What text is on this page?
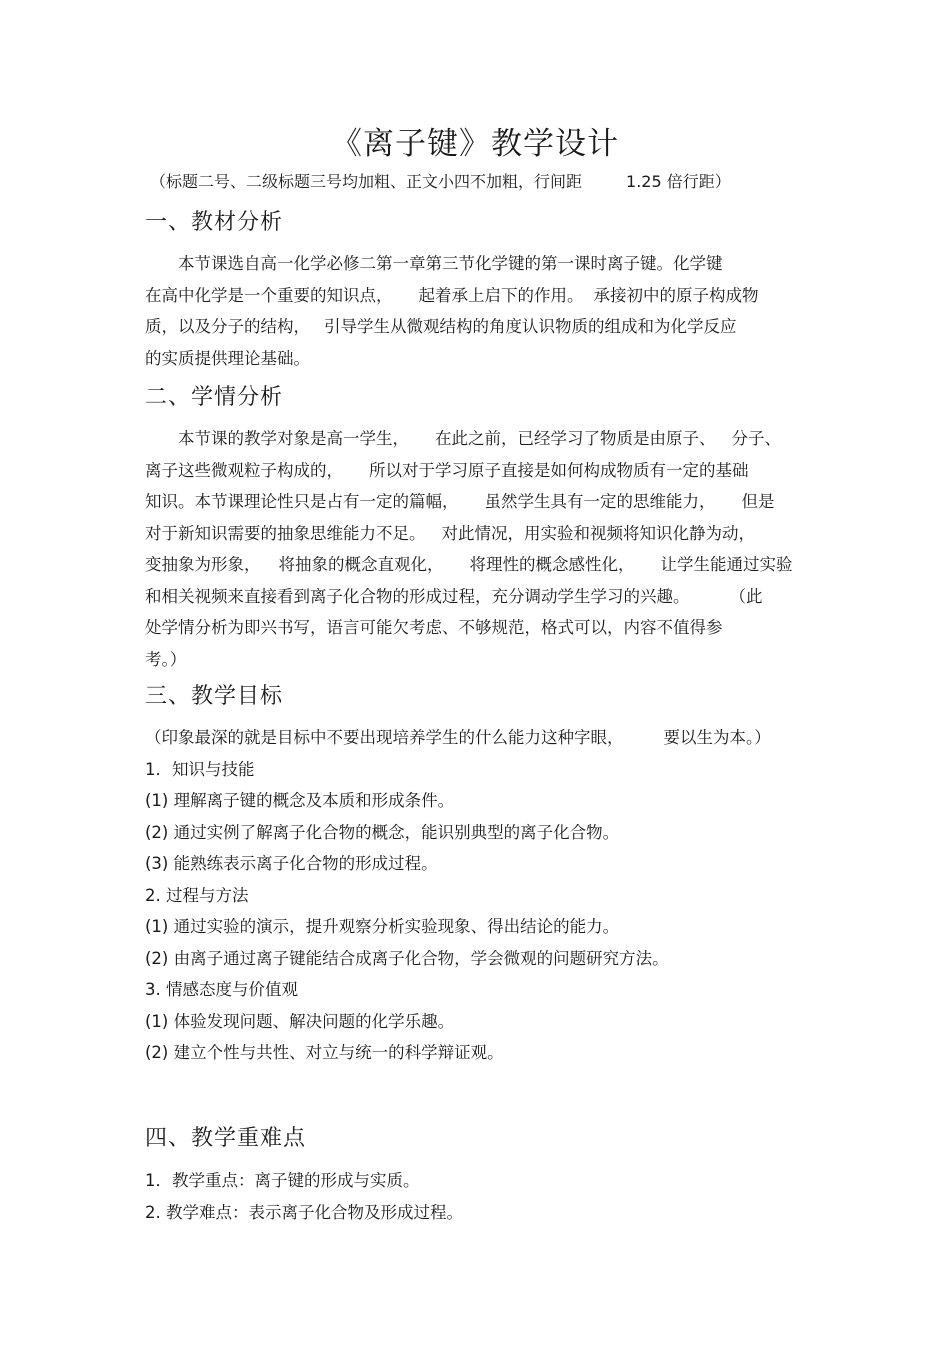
《离子键》教学设计
（标题二号、二级标题三号均加粗、正文小四不加粗，行间距	1.25 倍行距）
一、教材分析
本节课选自高一化学必修二第一章第三节化学键的第一课时离子键。化学键
在高中化学是一个重要的知识点， 起着承上启下的作用。 承接初中的原子构成物
质，以及分子的结构， 引导学生从微观结构的角度认识物质的组成和为化学反应
的实质提供理论基础。
二、学情分析
本节课的教学对象是高一学生， 在此之前，已经学习了物质是由原子、 分子、
离子这些微观粒子构成的， 所以对于学习原子直接是如何构成物质有一定的基础
知识。本节课理论性只是占有一定的篇幅， 虽然学生具有一定的思维能力， 但是
对于新知识需要的抽象思维能力不足。 对此情况，用实验和视频将知识化静为动，
变抽象为形象， 将抽象的概念直观化， 将理性的概念感性化， 让学生能通过实验
和相关视频来直接看到离子化合物的形成过程，充分调动学生学习的兴趣。 （此
处学情分析为即兴书写，语言可能欠考虑、不够规范，格式可以，内容不值得参
考。）
三、教学目标
（印象最深的就是目标中不要出现培养学生的什么能力这种字眼， 要以生为本。）
1．知识与技能
(1) 理解离子键的概念及本质和形成条件。
(2) 通过实例了解离子化合物的概念，能识别典型的离子化合物。
(3) 能熟练表示离子化合物的形成过程。
2. 过程与方法
(1) 通过实验的演示，提升观察分析实验现象、得出结论的能力。
(2) 由离子通过离子键能结合成离子化合物，学会微观的问题研究方法。
3. 情感态度与价值观
(1) 体验发现问题、解决问题的化学乐趣。
(2) 建立个性与共性、对立与统一的科学辩证观。
四、教学重难点
1．教学重点：离子键的形成与实质。
2. 教学难点：表示离子化合物及形成过程。
